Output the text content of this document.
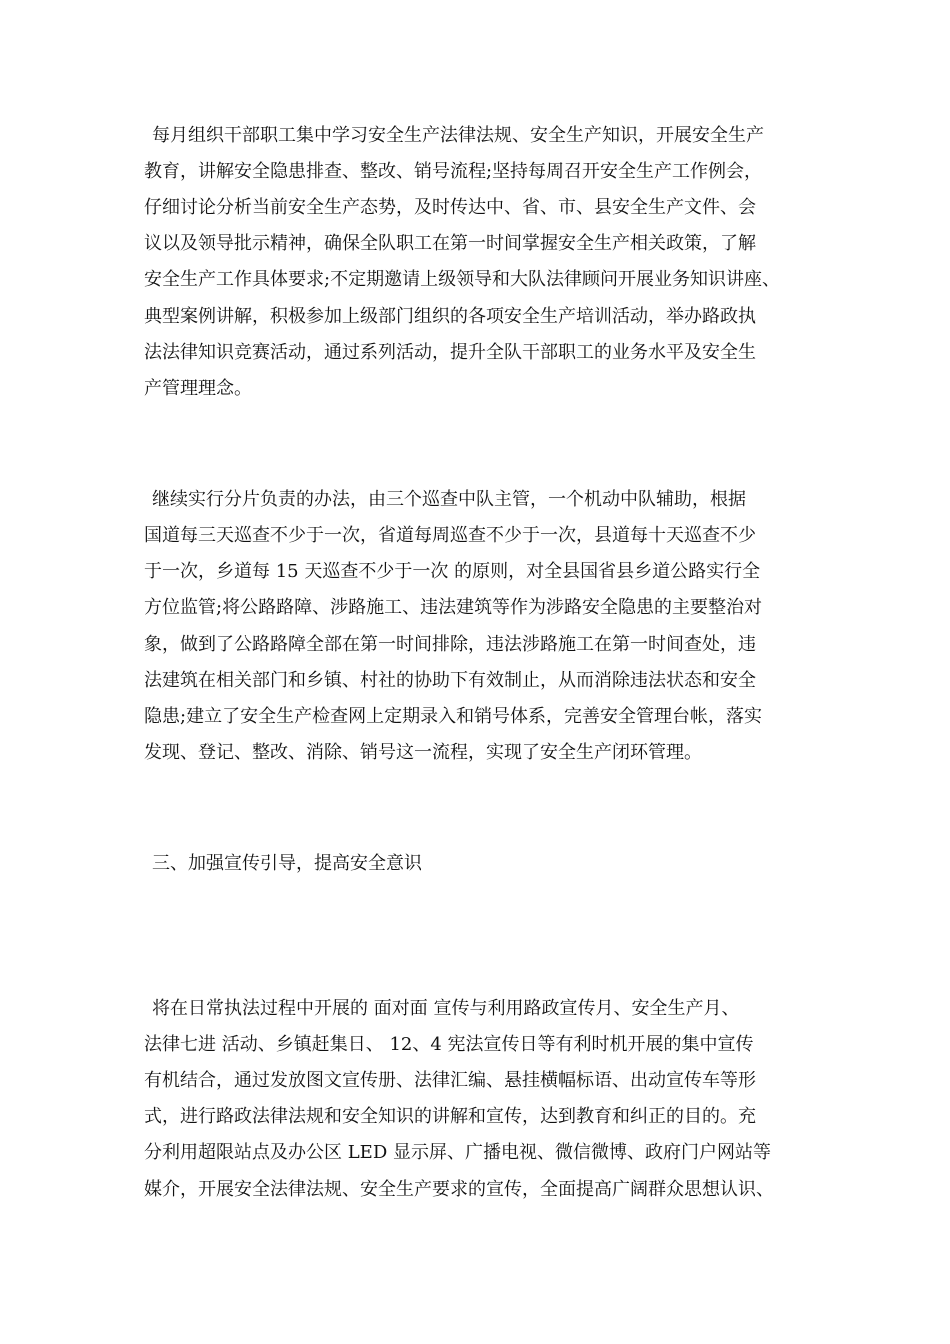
每月组织干部职工集中学习安全生产法律法规、安全生产知识，开展安全生产
教育，讲解安全隐患排查、整改、销号流程;坚持每周召开安全生产工作例会，
仔细讨论分析当前安全生产态势，及时传达中、省、市、县安全生产文件、会
议以及领导批示精神，确保全队职工在第一时间掌握安全生产相关政策，了解
安全生产工作具体要求;不定期邀请上级领导和大队法律顾问开展业务知识讲座、
典型案例讲解，积极参加上级部门组织的各项安全生产培训活动，举办路政执
法法律知识竞赛活动，通过系列活动，提升全队干部职工的业务水平及安全生
产管理理念。
继续实行分片负责的办法，由三个巡查中队主管，一个机动中队辅助，根据
国道每三天巡查不少于一次，省道每周巡查不少于一次，县道每十天巡查不少
于一次，乡道每 15 天巡查不少于一次 的原则，对全县国省县乡道公路实行全
方位监管;将公路路障、涉路施工、违法建筑等作为涉路安全隐患的主要整治对
象，做到了公路路障全部在第一时间排除，违法涉路施工在第一时间查处，违
法建筑在相关部门和乡镇、村社的协助下有效制止，从而消除违法状态和安全
隐患;建立了安全生产检查网上定期录入和销号体系，完善安全管理台帐，落实
发现、登记、整改、消除、销号这一流程，实现了安全生产闭环管理。
三、加强宣传引导，提高安全意识
将在日常执法过程中开展的 面对面 宣传与利用路政宣传月、安全生产月、
法律七进 活动、乡镇赶集日、 12、4 宪法宣传日等有利时机开展的集中宣传
有机结合，通过发放图文宣传册、法律汇编、悬挂横幅标语、出动宣传车等形
式，进行路政法律法规和安全知识的讲解和宣传，达到教育和纠正的目的。充
分利用超限站点及办公区 LED 显示屏、广播电视、微信微博、政府门户网站等
媒介，开展安全法律法规、安全生产要求的宣传，全面提高广阔群众思想认识、
